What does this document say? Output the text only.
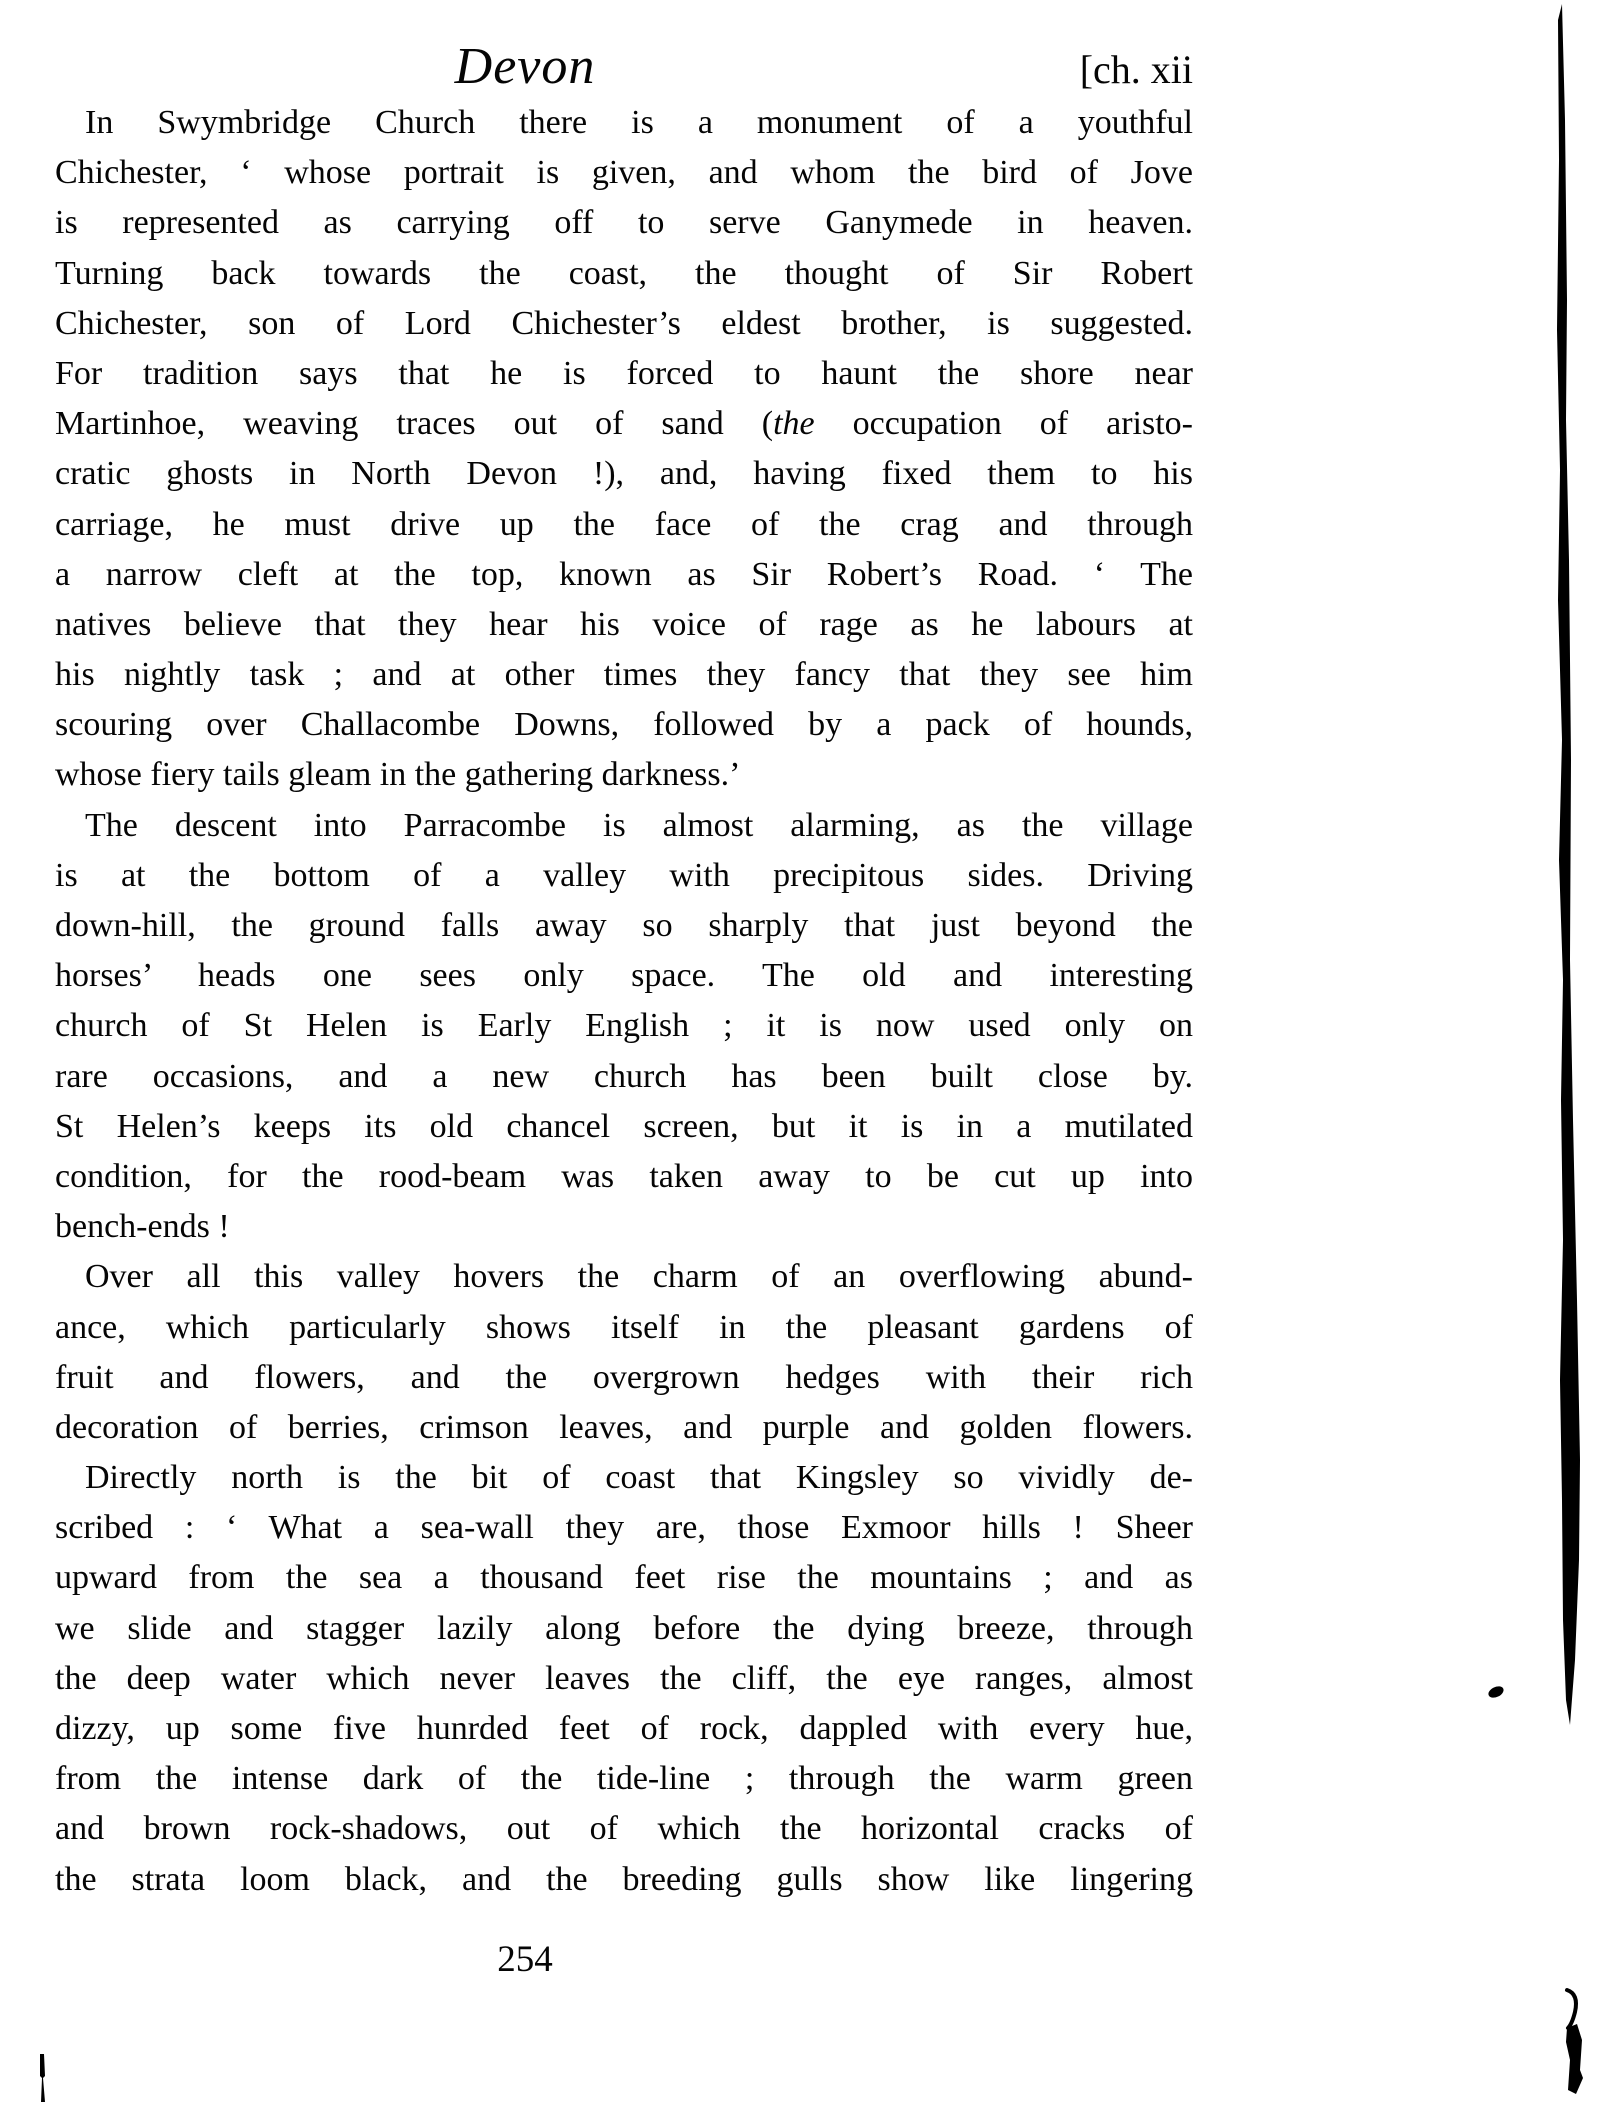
Devon	[ch. xii
In Swymbridge Church there is a monument of a youthful
Chichester, ‘ whose portrait is given, and whom the bird of Jove
is represented as carrying off to serve Ganymede in heaven.
Turning back towards the coast, the thought of Sir Robert
Chichester, son of Lord Chichester’s eldest brother, is suggested.
For tradition says that he is forced to haunt the shore near
Martinhoe, weaving traces out of sand (the occupation of aristo-
cratic ghosts in North Devon !), and, having fixed them to his
carriage, he must drive up the face of the crag and through
a narrow cleft at the top, known as Sir Robert’s Road. ‘ The
natives believe that they hear his voice of rage as he labours at
his nightly task ; and at other times they fancy that they see him
scouring over Challacombe Downs, followed by a pack of hounds,
whose fiery tails gleam in the gathering darkness.’
The descent into Parracombe is almost alarming, as the village
is at the bottom of a valley with precipitous sides. Driving
down-hill, the ground falls away so sharply that just beyond the
horses’ heads one sees only space. The old and interesting
church of St Helen is Early English ; it is now used only on
rare occasions, and a new church has been built close by.
St Helen’s keeps its old chancel screen, but it is in a mutilated
condition, for the rood-beam was taken away to be cut up into
bench-ends !
Over all this valley hovers the charm of an overflowing abund-
ance, which particularly shows itself in the pleasant gardens of
fruit and flowers, and the overgrown hedges with their rich
decoration of berries, crimson leaves, and purple and golden flowers.
Directly north is the bit of coast that Kingsley so vividly de-
scribed : ‘ What a sea-wall they are, those Exmoor hills ! Sheer
upward from the sea a thousand feet rise the mountains ; and as
we slide and stagger lazily along before the dying breeze, through
the deep water which never leaves the cliff, the eye ranges, almost
dizzy, up some five hunrded feet of rock, dappled with every hue,
from the intense dark of the tide-line ; through the warm green
and brown rock-shadows, out of which the horizontal cracks of
the strata loom black, and the breeding gulls show like lingering
254
